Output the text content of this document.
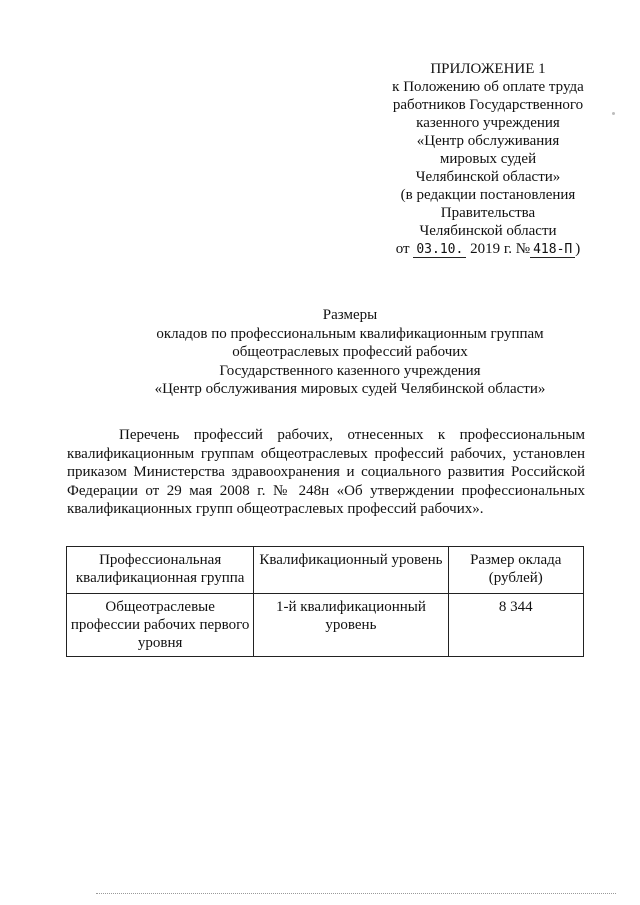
ПРИЛОЖЕНИЕ 1
к Положению об оплате труда
работников Государственного
казенного учреждения
«Центр обслуживания
мировых судей
Челябинской области»
(в редакции постановления
Правительства
Челябинской области
от 03.10. 2019 г. № 418-П )
Размеры
окладов по профессиональным квалификационным группам
общеотраслевых профессий рабочих
Государственного казенного учреждения
«Центр обслуживания мировых судей Челябинской области»
Перечень профессий рабочих, отнесенных к профессиональным квалификационным группам общеотраслевых профессий рабочих, установлен приказом Министерства здравоохранения и социального развития Российской Федерации от 29 мая 2008 г. № 248н «Об утверждении профессиональных квалификационных групп общеотраслевых профессий рабочих».
Профессиональная квалификационная группа	Квалификационный уровень	Размер оклада (рублей)
Общеотраслевые профессии рабочих первого уровня	1-й квалификационный уровень	8 344
